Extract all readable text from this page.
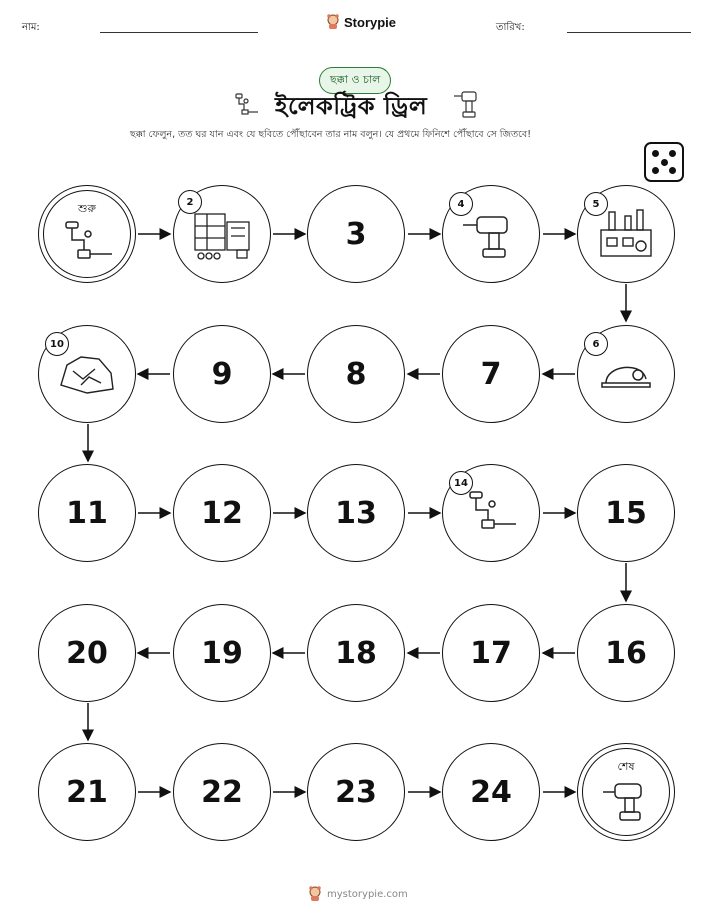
নাম:	Storypie	তারিখ:
ছক্কা ও চাল
ইলেকট্রিক ড্রিল
ছক্কা ফেলুন, তত ঘর যান এবং যে ছবিতে পৌঁছাবেন তার নাম বলুন। যে প্রথমে ফিনিশে পৌঁছাবে সে জিতবে!
শুরু	2
3
4	5
10
9	8	7
6
11	12	13
14
15
20	19	18	17	16
21	22	23	24
শেষ
mystorypie.com
